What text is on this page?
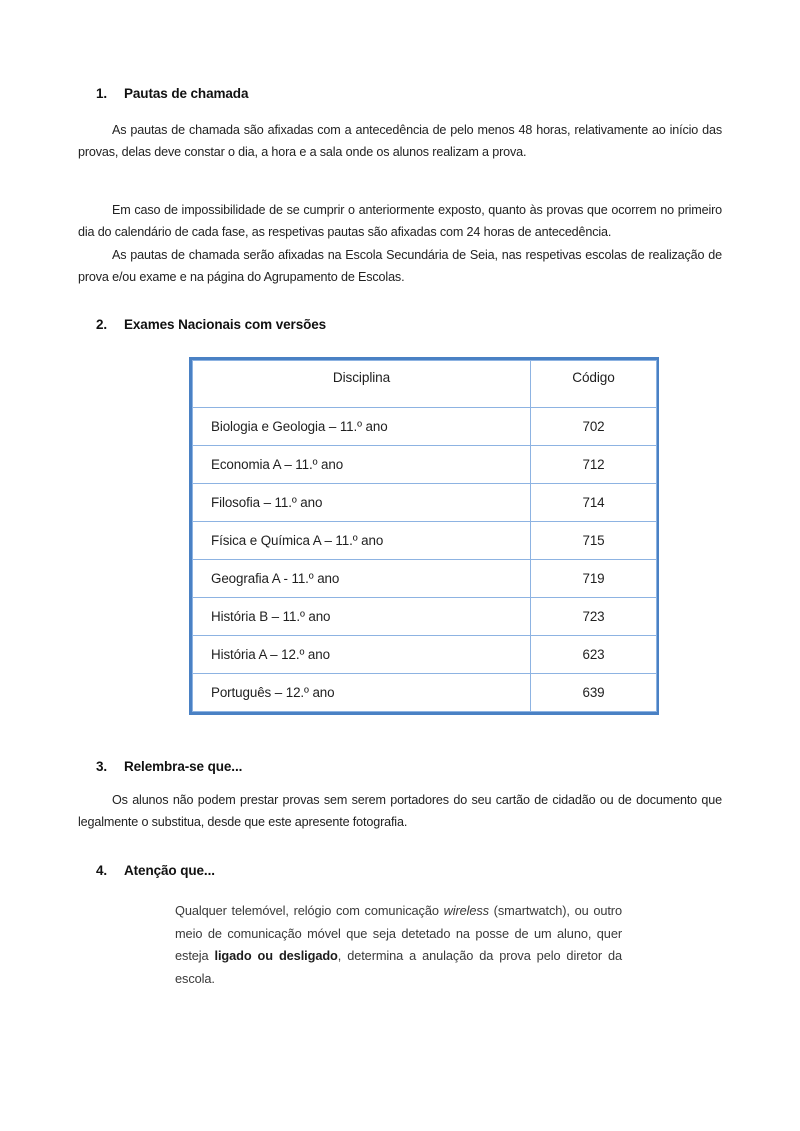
1.	Pautas de chamada
As pautas de chamada são afixadas com a antecedência de pelo menos 48 horas, relativamente ao início das provas, delas deve constar o dia, a hora e a sala onde os alunos realizam a prova.
Em caso de impossibilidade de se cumprir o anteriormente exposto, quanto às provas que ocorrem no primeiro dia do calendário de cada fase, as respetivas pautas são afixadas com 24 horas de antecedência.
As pautas de chamada serão afixadas na Escola Secundária de Seia, nas respetivas escolas de realização de prova e/ou exame e na página do Agrupamento de Escolas.
2.	Exames Nacionais com versões
Disciplina	Código
Biologia e Geologia – 11.º ano	702
Economia A – 11.º ano	712
Filosofia – 11.º ano	714
Física e Química A – 11.º ano	715
Geografia A - 11.º ano	719
História B – 11.º ano	723
História A – 12.º ano	623
Português – 12.º ano	639
3.	Relembra-se que...
Os alunos não podem prestar provas sem serem portadores do seu cartão de cidadão ou de documento que legalmente o substitua, desde que este apresente fotografia.
4.	Atenção que...
Qualquer telemóvel, relógio com comunicação wireless (smartwatch), ou outro meio de comunicação móvel que seja detetado na posse de um aluno, quer esteja ligado ou desligado, determina a anulação da prova pelo diretor da escola.
